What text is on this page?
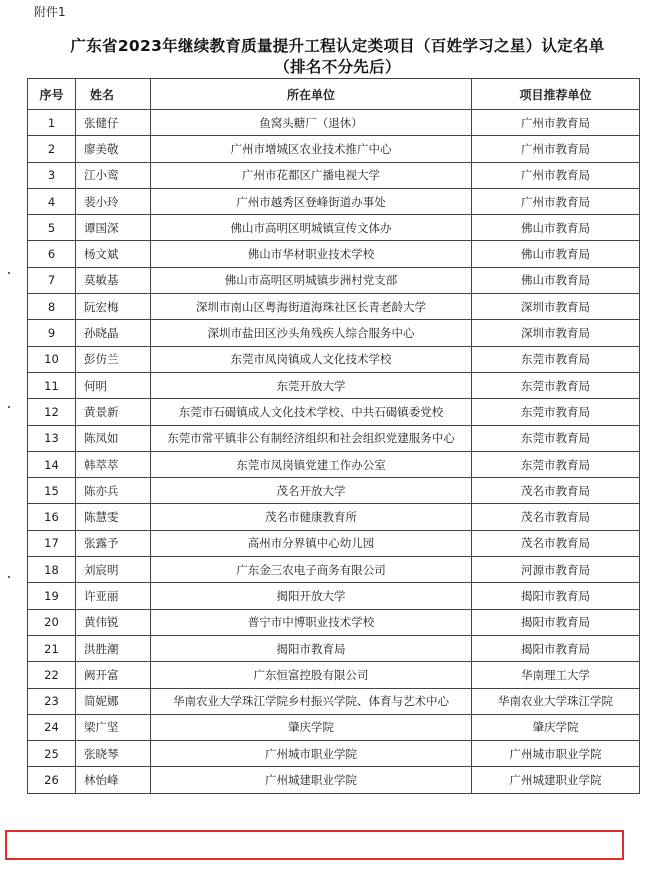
附件1
广东省2023年继续教育质量提升工程认定类项目（百姓学习之星）认定名单
（排名不分先后）
序号	姓名	所在单位	项目推荐单位
1	张健仔	鱼窝头糖厂（退休）	广州市教育局
2	廖美敬	广州市增城区农业技术推广中心	广州市教育局
3	江小鸾	广州市花都区广播电视大学	广州市教育局
4	裴小玲	广州市越秀区登峰街道办事处	广州市教育局
5	谭国深	佛山市高明区明城镇宣传文体办	佛山市教育局
6	杨文斌	佛山市华材职业技术学校	佛山市教育局
7	莫敏基	佛山市高明区明城镇步洲村党支部	佛山市教育局
8	阮宏梅	深圳市南山区粤海街道海珠社区长青老龄大学	深圳市教育局
9	孙晓晶	深圳市盐田区沙头角残疾人综合服务中心	深圳市教育局
10	彭仿兰	东莞市凤岗镇成人文化技术学校	东莞市教育局
11	何明	东莞开放大学	东莞市教育局
12	黄景新	东莞市石碣镇成人文化技术学校、中共石碣镇委党校	东莞市教育局
13	陈凤如	东莞市常平镇非公有制经济组织和社会组织党建服务中心	东莞市教育局
14	韩萃萃	东莞市凤岗镇党建工作办公室	东莞市教育局
15	陈亦兵	茂名开放大学	茂名市教育局
16	陈慧雯	茂名市健康教育所	茂名市教育局
17	张露予	高州市分界镇中心幼儿园	茂名市教育局
18	刘宸明	广东金三农电子商务有限公司	河源市教育局
19	许亚丽	揭阳开放大学	揭阳市教育局
20	黄伟锐	普宁市中博职业技术学校	揭阳市教育局
21	洪胜潮	揭阳市教育局	揭阳市教育局
22	阙开富	广东恒富控股有限公司	华南理工大学
23	简妮娜	华南农业大学珠江学院乡村振兴学院、体育与艺术中心	华南农业大学珠江学院
24	梁广坚	肇庆学院	肇庆学院
25	张晓琴	广州城市职业学院	广州城市职业学院
26	林怡峰	广州城建职业学院	广州城建职业学院
